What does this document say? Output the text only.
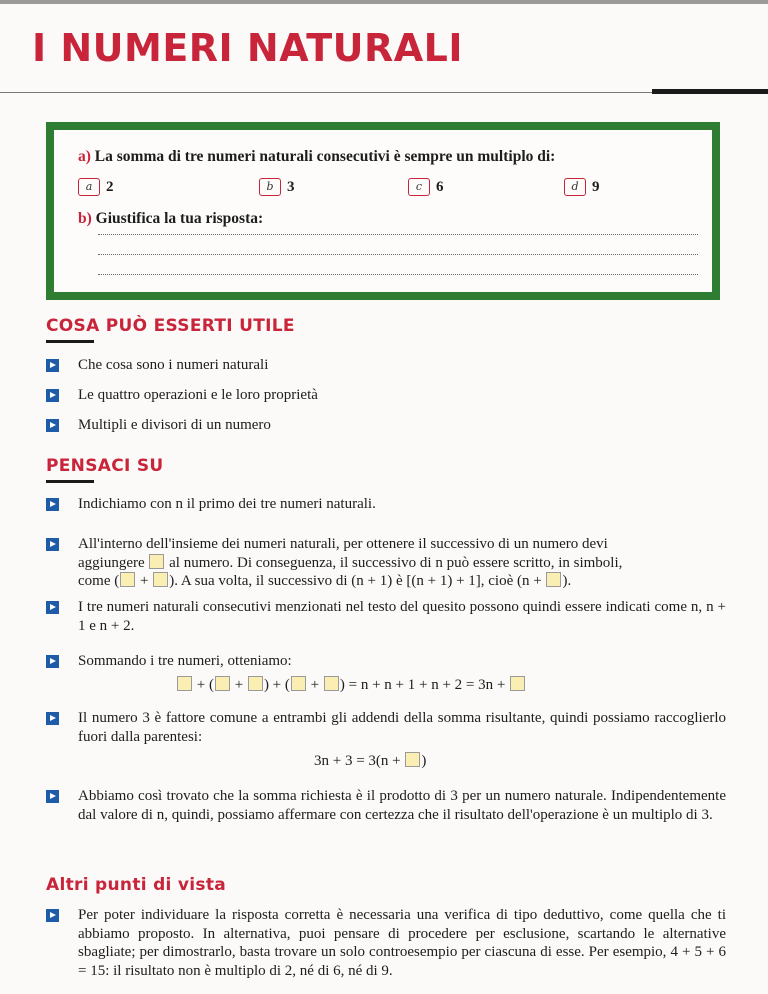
I NUMERI NATURALI
a) La somma di tre numeri naturali consecutivi è sempre un multiplo di:
a 2	b 3	c 6	d 9
b) Giustifica la tua risposta:
COSA PUÒ ESSERTI UTILE
Che cosa sono i numeri naturali
Le quattro operazioni e le loro proprietà
Multipli e divisori di un numero
PENSACI SU
Indichiamo con n il primo dei tre numeri naturali.
All'interno dell'insieme dei numeri naturali, per ottenere il successivo di un numero devi
aggiungere al numero. Di conseguenza, il successivo di n può essere scritto, in simboli,
come ( + ). A sua volta, il successivo di (n + 1) è [(n + 1) + 1], cioè (n + ).
I tre numeri naturali consecutivi menzionati nel testo del quesito possono quindi essere indicati come n, n + 1 e n + 2.
Sommando i tre numeri, otteniamo:
+ ( + ) + ( + ) = n + n + 1 + n + 2 = 3n +
Il numero 3 è fattore comune a entrambi gli addendi della somma risultante, quindi possiamo raccoglierlo fuori dalla parentesi:
3n + 3 = 3(n + )
Abbiamo così trovato che la somma richiesta è il prodotto di 3 per un numero naturale. Indipendentemente dal valore di n, quindi, possiamo affermare con certezza che il risultato dell'operazione è un multiplo di 3.
Altri punti di vista
Per poter individuare la risposta corretta è necessaria una verifica di tipo deduttivo, come quella che ti abbiamo proposto. In alternativa, puoi pensare di procedere per esclusione, scartando le alternative sbagliate; per dimostrarlo, basta trovare un solo controesempio per ciascuna di esse. Per esempio, 4 + 5 + 6 = 15: il risultato non è multiplo di 2, né di 6, né di 9.
